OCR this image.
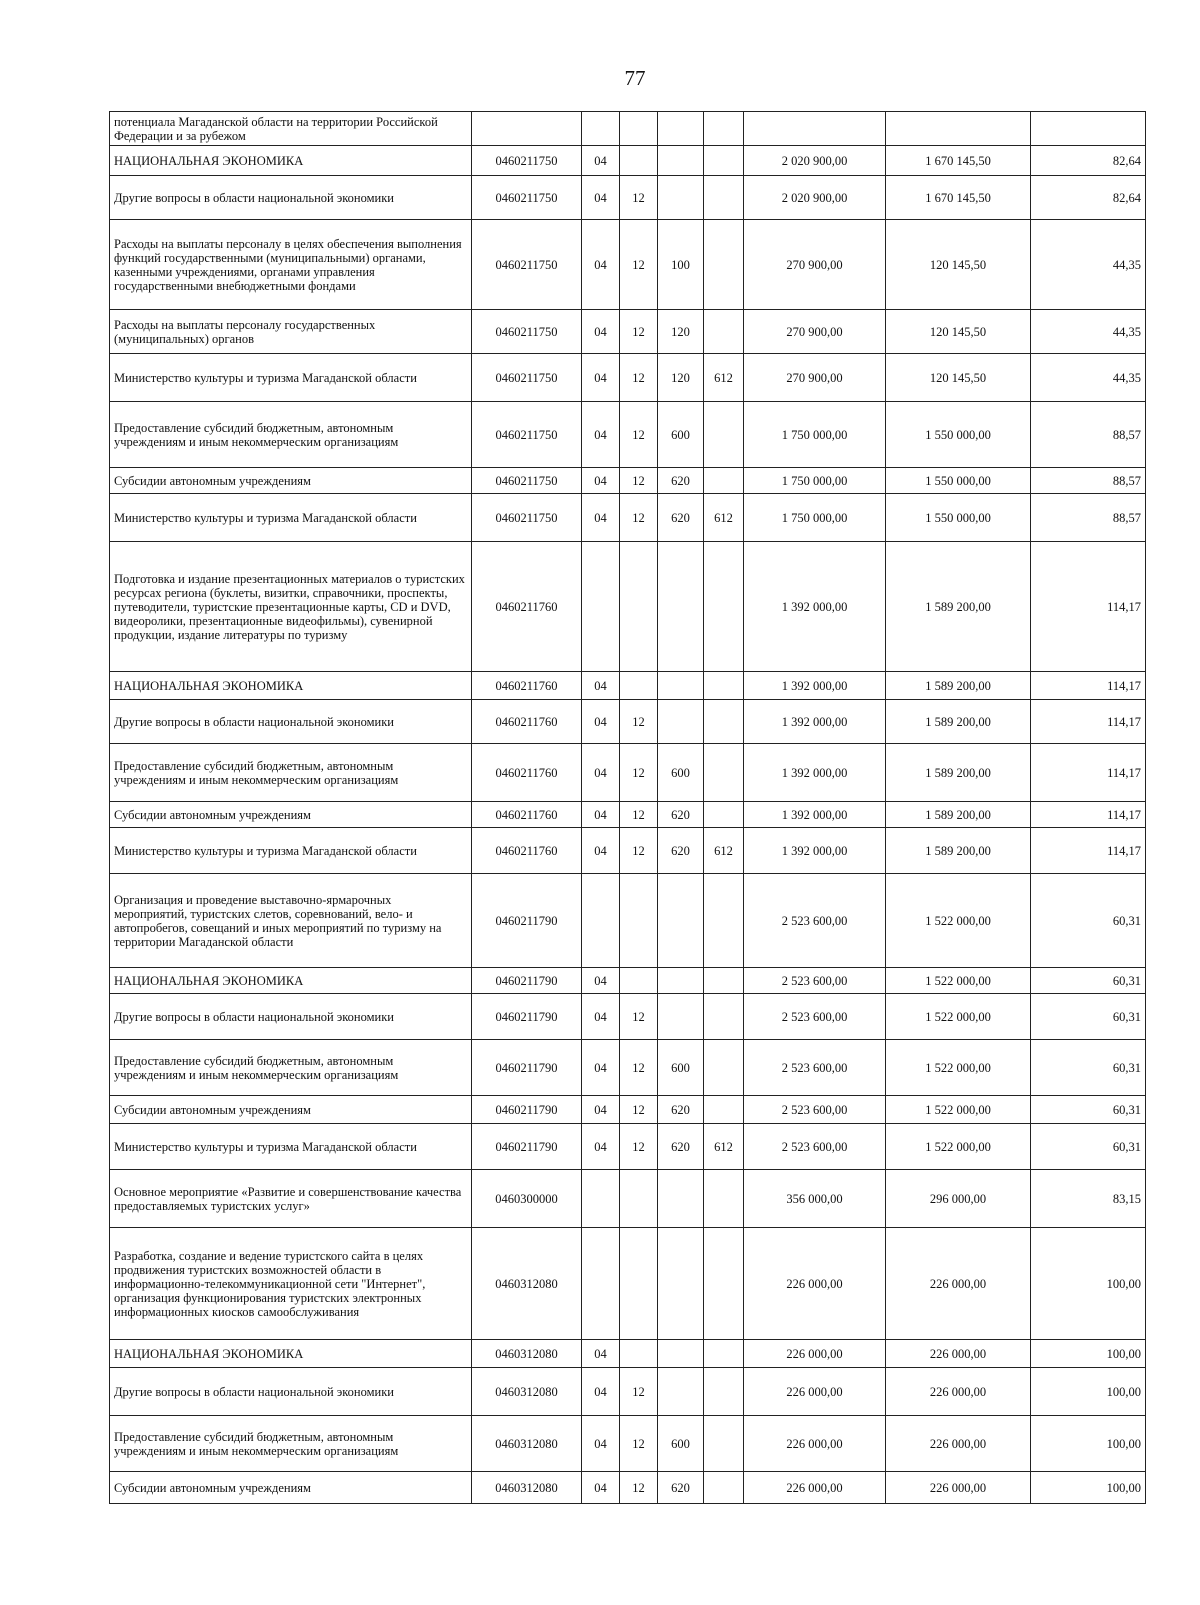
77
потенциала Магаданской области на территории Российской Федерации и за рубежом								
НАЦИОНАЛЬНАЯ ЭКОНОМИКА	0460211750	04				2 020 900,00	1 670 145,50	82,64
Другие вопросы в области национальной экономики	0460211750	04	12			2 020 900,00	1 670 145,50	82,64
Расходы на выплаты персоналу в целях обеспечения выполнения функций государственными (муниципальными) органами, казенными учреждениями, органами управления государственными внебюджетными фондами	0460211750	04	12	100		270 900,00	120 145,50	44,35
Расходы на выплаты персоналу государственных (муниципальных) органов	0460211750	04	12	120		270 900,00	120 145,50	44,35
Министерство культуры и туризма Магаданской области	0460211750	04	12	120	612	270 900,00	120 145,50	44,35
Предоставление субсидий бюджетным, автономным учреждениям и иным некоммерческим организациям	0460211750	04	12	600		1 750 000,00	1 550 000,00	88,57
Субсидии автономным учреждениям	0460211750	04	12	620		1 750 000,00	1 550 000,00	88,57
Министерство культуры и туризма Магаданской области	0460211750	04	12	620	612	1 750 000,00	1 550 000,00	88,57
Подготовка и издание презентационных материалов о туристских ресурсах региона (буклеты, визитки, справочники, проспекты, путеводители, туристские презентационные карты, CD и DVD, видеоролики, презентационные видеофильмы), сувенирной продукции, издание литературы по туризму	0460211760					1 392 000,00	1 589 200,00	114,17
НАЦИОНАЛЬНАЯ ЭКОНОМИКА	0460211760	04				1 392 000,00	1 589 200,00	114,17
Другие вопросы в области национальной экономики	0460211760	04	12			1 392 000,00	1 589 200,00	114,17
Предоставление субсидий бюджетным, автономным учреждениям и иным некоммерческим организациям	0460211760	04	12	600		1 392 000,00	1 589 200,00	114,17
Субсидии автономным учреждениям	0460211760	04	12	620		1 392 000,00	1 589 200,00	114,17
Министерство культуры и туризма Магаданской области	0460211760	04	12	620	612	1 392 000,00	1 589 200,00	114,17
Организация и проведение выставочно-ярмарочных мероприятий, туристских слетов, соревнований, вело- и автопробегов, совещаний и иных мероприятий по туризму на территории Магаданской области	0460211790					2 523 600,00	1 522 000,00	60,31
НАЦИОНАЛЬНАЯ ЭКОНОМИКА	0460211790	04				2 523 600,00	1 522 000,00	60,31
Другие вопросы в области национальной экономики	0460211790	04	12			2 523 600,00	1 522 000,00	60,31
Предоставление субсидий бюджетным, автономным учреждениям и иным некоммерческим организациям	0460211790	04	12	600		2 523 600,00	1 522 000,00	60,31
Субсидии автономным учреждениям	0460211790	04	12	620		2 523 600,00	1 522 000,00	60,31
Министерство культуры и туризма Магаданской области	0460211790	04	12	620	612	2 523 600,00	1 522 000,00	60,31
Основное мероприятие «Развитие и совершенствование качества предоставляемых туристских услуг»	0460300000					356 000,00	296 000,00	83,15
Разработка, создание и ведение туристского сайта в целях продвижения туристских возможностей области в информационно-телекоммуникационной сети "Интернет", организация функционирования туристских электронных информационных киосков самообслуживания	0460312080					226 000,00	226 000,00	100,00
НАЦИОНАЛЬНАЯ ЭКОНОМИКА	0460312080	04				226 000,00	226 000,00	100,00
Другие вопросы в области национальной экономики	0460312080	04	12			226 000,00	226 000,00	100,00
Предоставление субсидий бюджетным, автономным учреждениям и иным некоммерческим организациям	0460312080	04	12	600		226 000,00	226 000,00	100,00
Субсидии автономным учреждениям	0460312080	04	12	620		226 000,00	226 000,00	100,00
